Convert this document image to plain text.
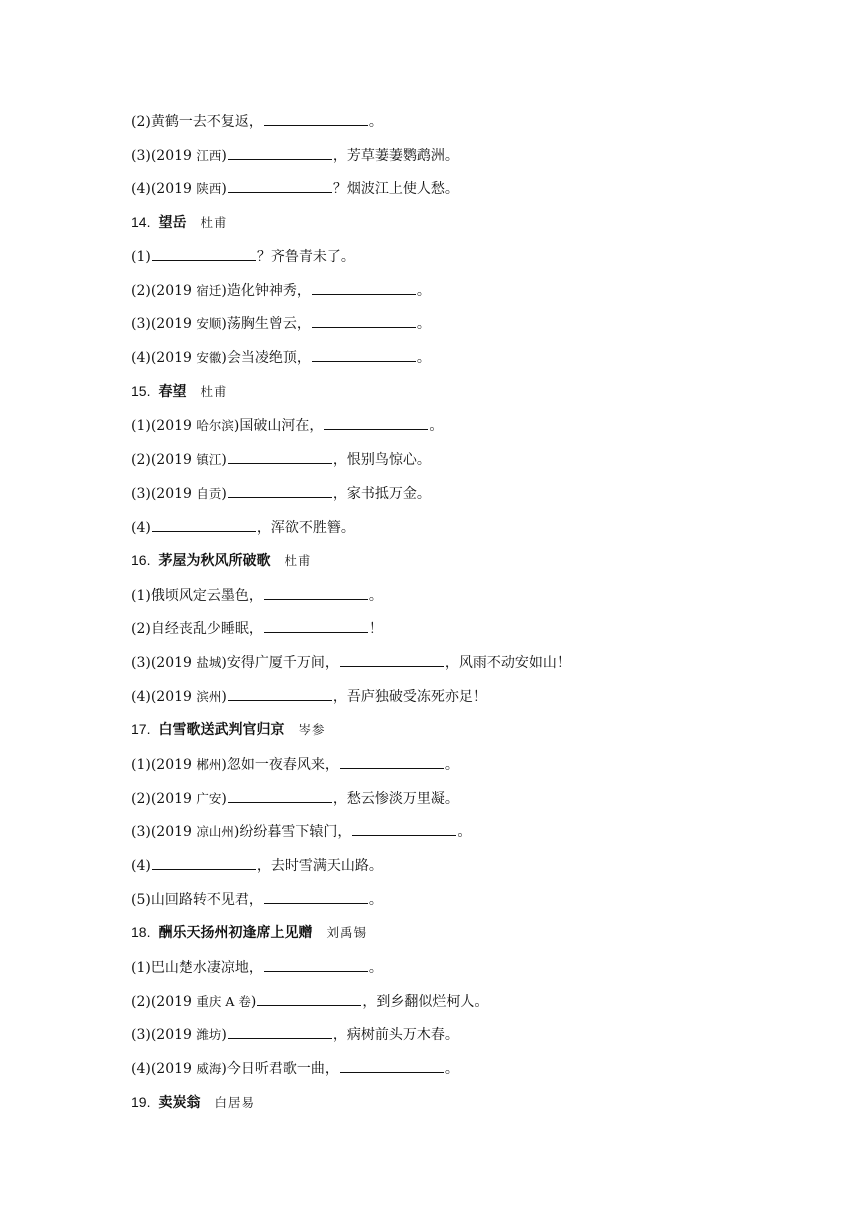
(2)黄鹤一去不复返，	。
(3)(2019 江西)	，芳草萋萋鹦鹉洲。
(4)(2019 陕西)	？烟波江上使人愁。
14. 望岳 杜甫
(1)	？齐鲁青未了。
(2)(2019 宿迁)造化钟神秀，	。
(3)(2019 安顺)荡胸生曾云，	。
(4)(2019 安徽)会当凌绝顶，	。
15. 春望 杜甫
(1)(2019 哈尔滨)国破山河在，	。
(2)(2019 镇江)	，恨别鸟惊心。
(3)(2019 自贡)	，家书抵万金。
(4)	，浑欲不胜簪。
16. 茅屋为秋风所破歌 杜甫
(1)俄顷风定云墨色，	。
(2)自经丧乱少睡眠，	！
(3)(2019 盐城)安得广厦千万间，	，风雨不动安如山！
(4)(2019 滨州)	，吾庐独破受冻死亦足！
17. 白雪歌送武判官归京 岑参
(1)(2019 郴州)忽如一夜春风来，	。
(2)(2019 广安)	，愁云惨淡万里凝。
(3)(2019 凉山州)纷纷暮雪下辕门，	。
(4)	，去时雪满天山路。
(5)山回路转不见君，	。
18. 酬乐天扬州初逢席上见赠 刘禹锡
(1)巴山楚水凄凉地，	。
(2)(2019 重庆 A 卷)	，到乡翻似烂柯人。
(3)(2019 潍坊)	，病树前头万木春。
(4)(2019 威海)今日听君歌一曲，	。
19. 卖炭翁 白居易
